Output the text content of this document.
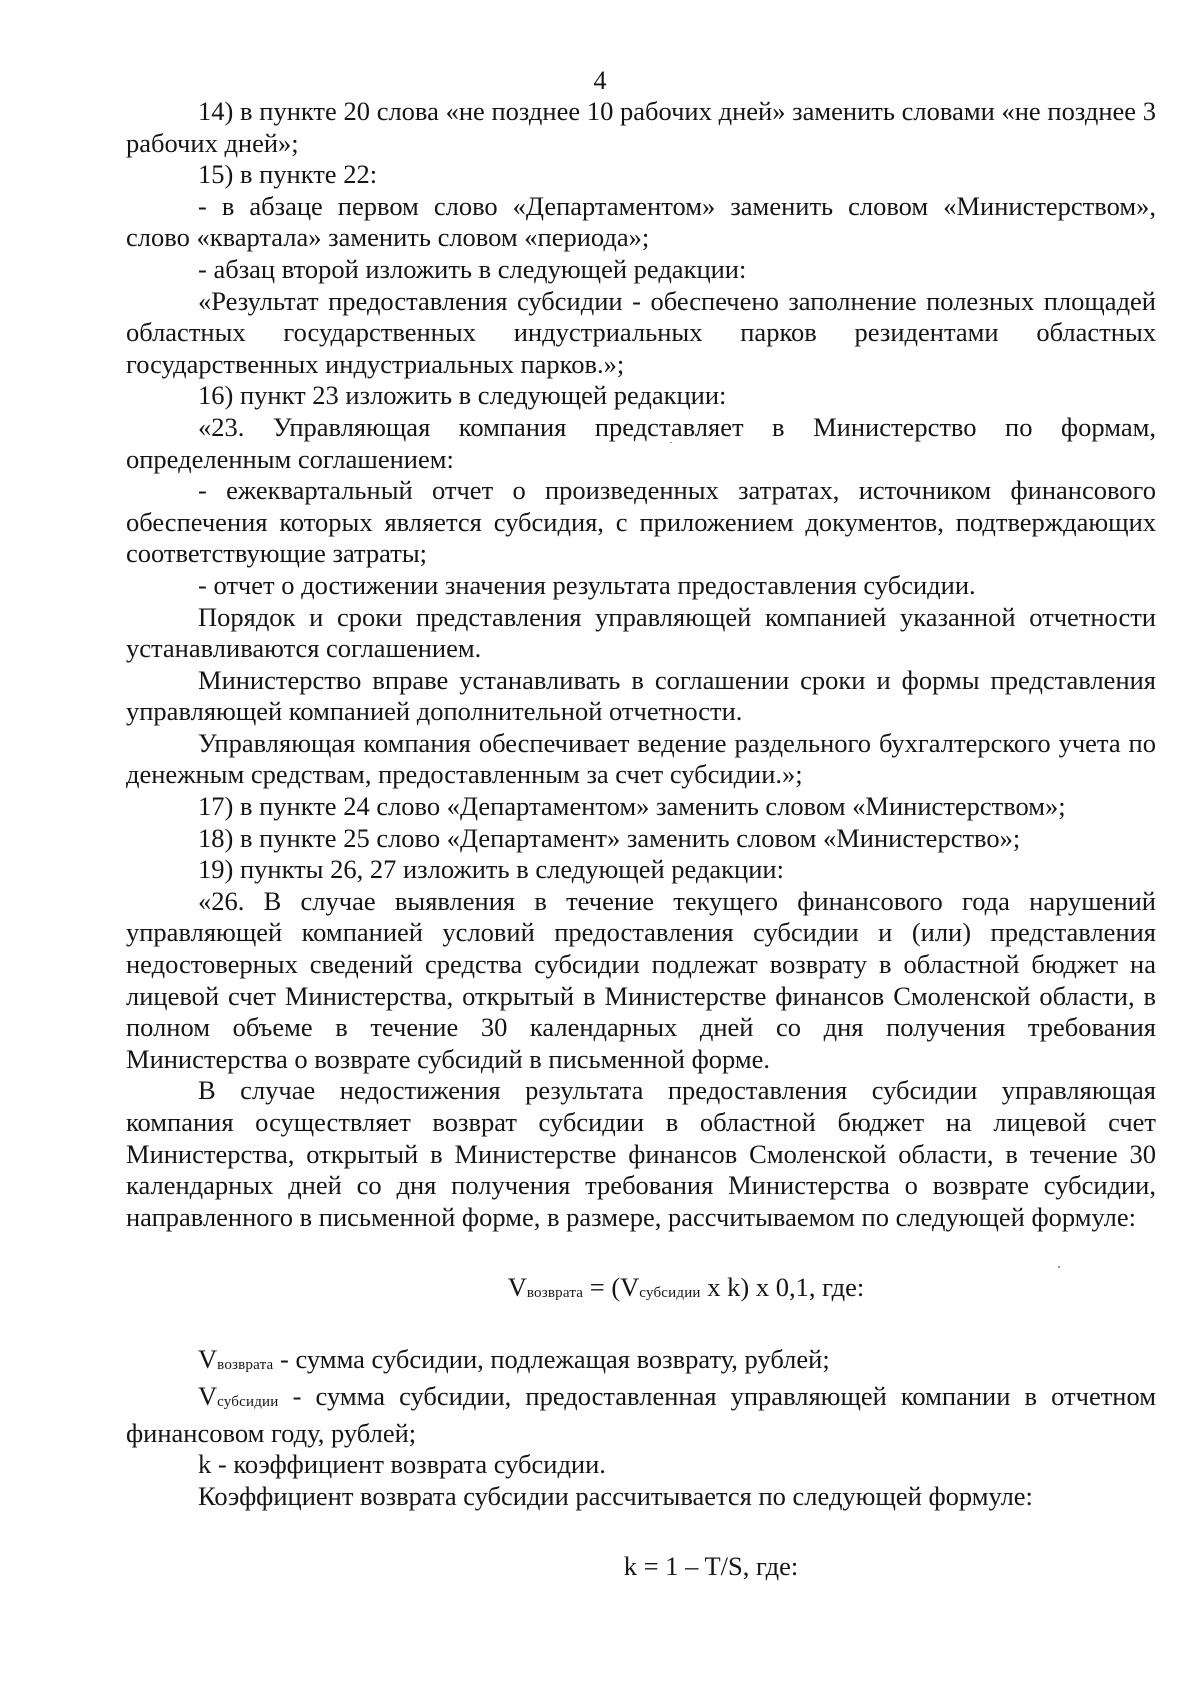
4

14) в пункте 20 слова «не позднее 10 рабочих дней» заменить словами «не позднее 3 рабочих дней»;

15) в пункте 22:

- в абзаце первом слово «Департаментом» заменить словом «Министерством», слово «квартала» заменить словом «периода»;

- абзац второй изложить в следующей редакции:

«Результат предоставления субсидии - обеспечено заполнение полезных площадей областных государственных индустриальных парков резидентами областных государственных индустриальных парков.»;

16) пункт 23 изложить в следующей редакции:

«23. Управляющая компания представляет в Министерство по формам, определенным соглашением:

- ежеквартальный отчет о произведенных затратах, источником финансового обеспечения которых является субсидия, с приложением документов, подтверждающих соответствующие затраты;

- отчет о достижении значения результата предоставления субсидии.

Порядок и сроки представления управляющей компанией указанной отчетности устанавливаются соглашением.

Министерство вправе устанавливать в соглашении сроки и формы представления управляющей компанией дополнительной отчетности.

Управляющая компания обеспечивает ведение раздельного бухгалтерского учета по денежным средствам, предоставленным за счет субсидии.»;

17) в пункте 24 слово «Департаментом» заменить словом «Министерством»;

18) в пункте 25 слово «Департамент» заменить словом «Министерство»;

19) пункты 26, 27 изложить в следующей редакции:

«26. В случае выявления в течение текущего финансового года нарушений управляющей компанией условий предоставления субсидии и (или) представления недостоверных сведений средства субсидии подлежат возврату в областной бюджет на лицевой счет Министерства, открытый в Министерстве финансов Смоленской области, в полном объеме в течение 30 календарных дней со дня получения требования Министерства о возврате субсидий в письменной форме.

В случае недостижения результата предоставления субсидии управляющая компания осуществляет возврат субсидии в областной бюджет на лицевой счет Министерства, открытый в Министерстве финансов Смоленской области, в течение 30 календарных дней со дня получения требования Министерства о возврате субсидии, направленного в письменной форме, в размере, рассчитываемом по следующей формуле:

Vвозврата = (Vсубсидии x k) x 0,1, где:

Vвозврата - сумма субсидии, подлежащая возврату, рублей;

Vсубсидии - сумма субсидии, предоставленная управляющей компании в отчетном финансовом году, рублей;

k - коэффициент возврата субсидии.

Коэффициент возврата субсидии рассчитывается по следующей формуле:

k = 1 – T/S, где:
